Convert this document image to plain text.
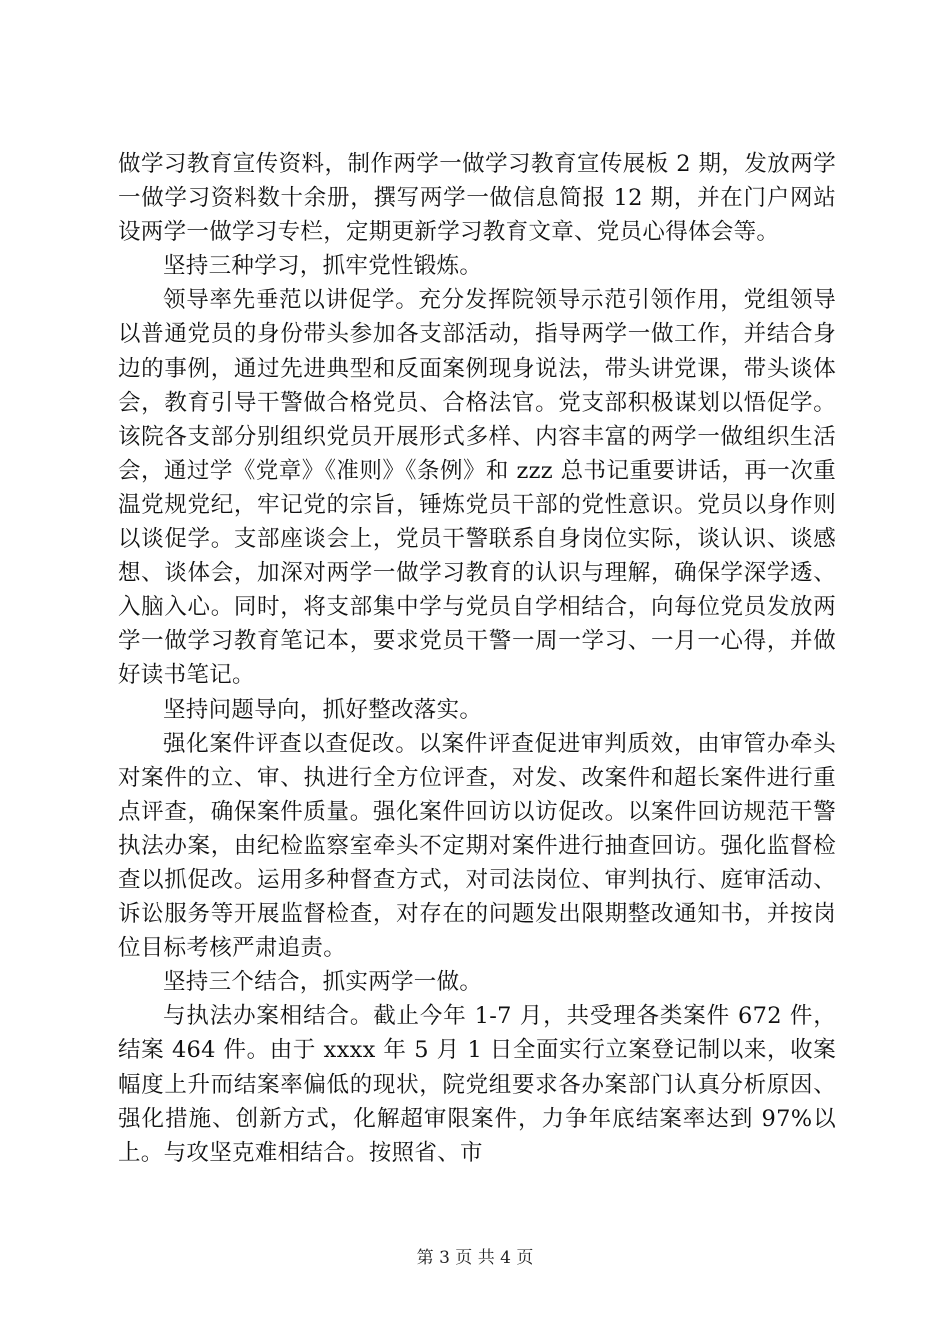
做学习教育宣传资料，制作两学一做学习教育宣传展板 2 期，发放两学一做学习资料数十余册，撰写两学一做信息简报 12 期，并在门户网站设两学一做学习专栏，定期更新学习教育文章、党员心得体会等。

坚持三种学习，抓牢党性锻炼。

领导率先垂范以讲促学。充分发挥院领导示范引领作用，党组领导以普通党员的身份带头参加各支部活动，指导两学一做工作，并结合身边的事例，通过先进典型和反面案例现身说法，带头讲党课，带头谈体会，教育引导干警做合格党员、合格法官。党支部积极谋划以悟促学。该院各支部分别组织党员开展形式多样、内容丰富的两学一做组织生活会，通过学《党章》《准则》《条例》和 zzz 总书记重要讲话，再一次重温党规党纪，牢记党的宗旨，锤炼党员干部的党性意识。党员以身作则以谈促学。支部座谈会上，党员干警联系自身岗位实际，谈认识、谈感想、谈体会，加深对两学一做学习教育的认识与理解，确保学深学透、入脑入心。同时，将支部集中学与党员自学相结合，向每位党员发放两学一做学习教育笔记本，要求党员干警一周一学习、一月一心得，并做好读书笔记。

坚持问题导向，抓好整改落实。

强化案件评查以查促改。以案件评查促进审判质效，由审管办牵头对案件的立、审、执进行全方位评查，对发、改案件和超长案件进行重点评查，确保案件质量。强化案件回访以访促改。以案件回访规范干警执法办案，由纪检监察室牵头不定期对案件进行抽查回访。强化监督检查以抓促改。运用多种督查方式，对司法岗位、审判执行、庭审活动、诉讼服务等开展监督检查，对存在的问题发出限期整改通知书，并按岗位目标考核严肃追责。

坚持三个结合，抓实两学一做。

与执法办案相结合。截止今年 1-7 月，共受理各类案件 672 件，结案 464 件。由于 xxxx 年 5 月 1 日全面实行立案登记制以来，收案幅度上升而结案率偏低的现状，院党组要求各办案部门认真分析原因、强化措施、创新方式，化解超审限案件，力争年底结案率达到 97%以上。与攻坚克难相结合。按照省、市

第 3 页 共 4 页
